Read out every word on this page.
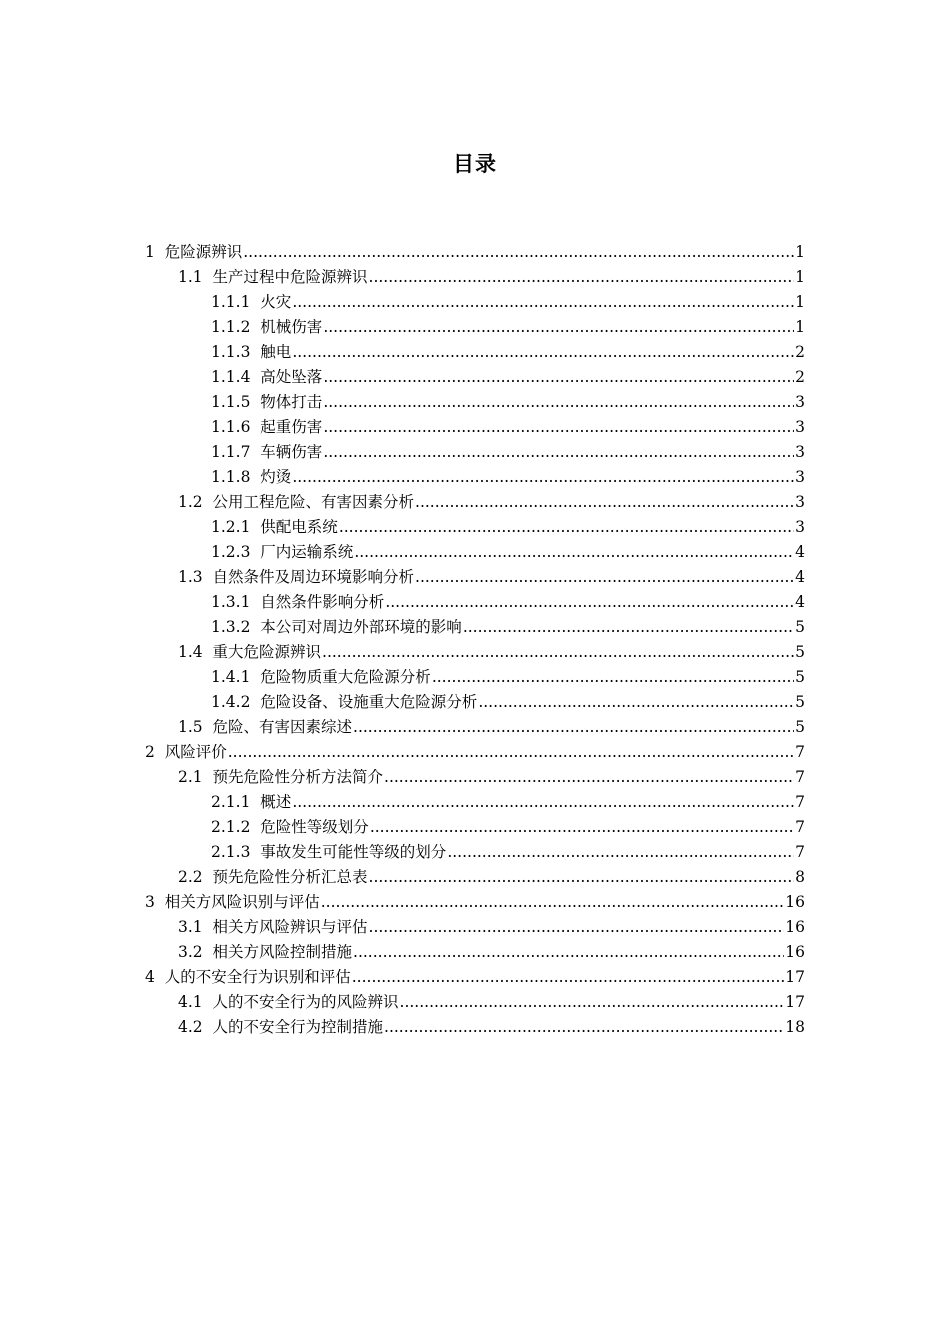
目录
1 危险源辨识 .....	1
1.1 生产过程中危险源辨识 .....	1
1.1.1 火灾 .....	1
1.1.2 机械伤害 .....	1
1.1.3 触电 .....	2
1.1.4 高处坠落 .....	2
1.1.5 物体打击 .....	3
1.1.6 起重伤害 .....	3
1.1.7 车辆伤害 .....	3
1.1.8 灼烫 .....	3
1.2 公用工程危险、有害因素分析 .....	3
1.2.1 供配电系统 .....	3
1.2.3 厂内运输系统 .....	4
1.3 自然条件及周边环境影响分析 .....	4
1.3.1 自然条件影响分析 .....	4
1.3.2 本公司对周边外部环境的影响 .....	5
1.4 重大危险源辨识 .....	5
1.4.1 危险物质重大危险源分析 .....	5
1.4.2 危险设备、设施重大危险源分析 .....	5
1.5 危险、有害因素综述 .....	5
2 风险评价 .....	7
2.1 预先危险性分析方法简介 .....	7
2.1.1 概述 .....	7
2.1.2 危险性等级划分 .....	7
2.1.3 事故发生可能性等级的划分 .....	7
2.2 预先危险性分析汇总表 .....	8
3 相关方风险识别与评估 .....	16
3.1 相关方风险辨识与评估 .....	16
3.2 相关方风险控制措施 .....	16
4 人的不安全行为识别和评估 .....	17
4.1 人的不安全行为的风险辨识 .....	17
4.2 人的不安全行为控制措施 .....	18
